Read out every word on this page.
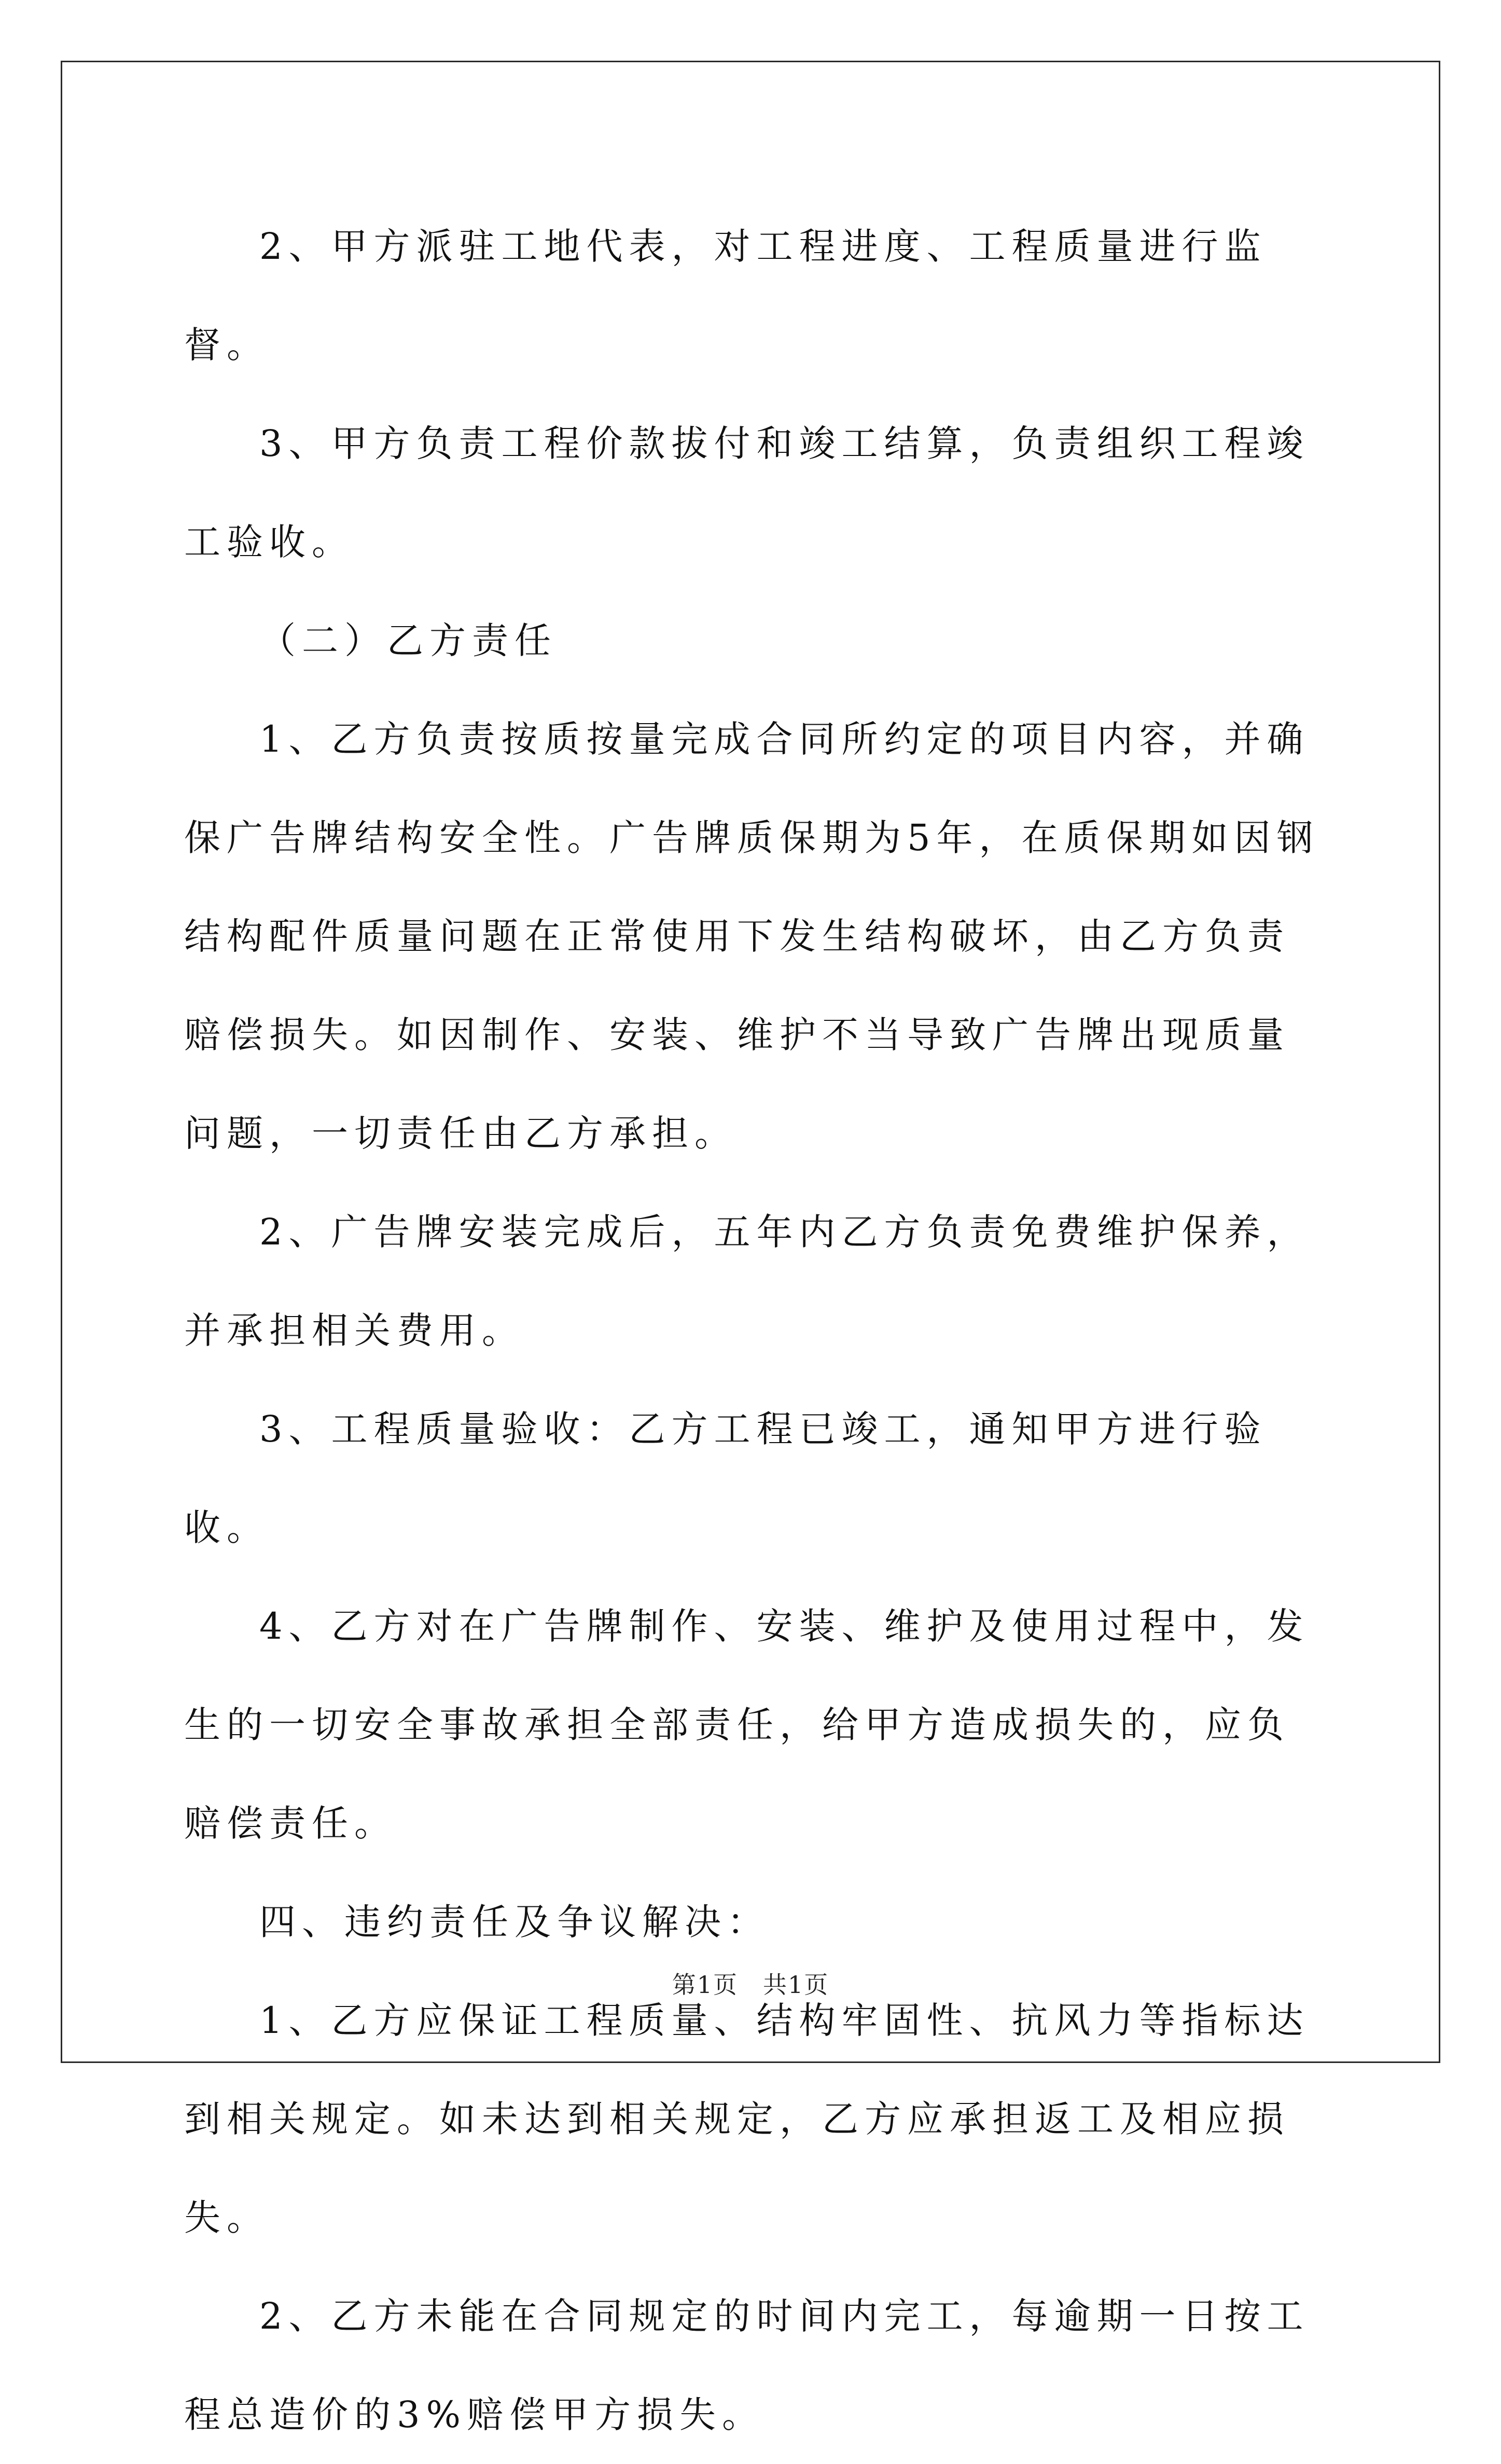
2、甲方派驻工地代表，对工程进度、工程质量进行监督。

3、甲方负责工程价款拔付和竣工结算，负责组织工程竣工验收。

（二）乙方责任

1、乙方负责按质按量完成合同所约定的项目内容，并确保广告牌结构安全性。广告牌质保期为5年，在质保期如因钢结构配件质量问题在正常使用下发生结构破坏，由乙方负责赔偿损失。如因制作、安装、维护不当导致广告牌出现质量问题，一切责任由乙方承担。

2、广告牌安装完成后，五年内乙方负责免费维护保养，并承担相关费用。

3、工程质量验收：乙方工程已竣工，通知甲方进行验收。

4、乙方对在广告牌制作、安装、维护及使用过程中，发生的一切安全事故承担全部责任，给甲方造成损失的，应负赔偿责任。

四、违约责任及争议解决：

1、乙方应保证工程质量、结构牢固性、抗风力等指标达到相关规定。如未达到相关规定，乙方应承担返工及相应损失。

2、乙方未能在合同规定的时间内完工，每逾期一日按工程总造价的3%赔偿甲方损失。

第1页　共1页
